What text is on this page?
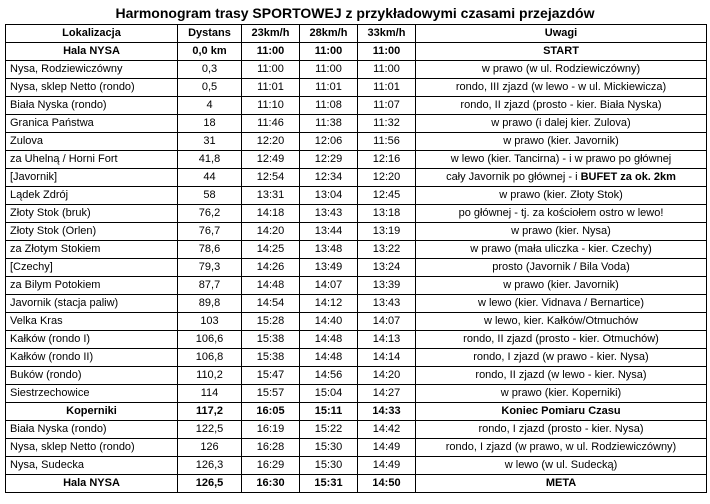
Harmonogram trasy SPORTOWEJ z przykładowymi czasami przejazdów
Lokalizacja	Dystans	23km/h	28km/h	33km/h	Uwagi
Hala NYSA	0,0 km	11:00	11:00	11:00	START
Nysa, Rodziewiczówny	0,3	11:00	11:00	11:00	w prawo (w ul. Rodziewiczówny)
Nysa, sklep Netto (rondo)	0,5	11:01	11:01	11:01	rondo, III zjazd (w lewo - w ul. Mickiewicza)
Biała Nyska (rondo)	4	11:10	11:08	11:07	rondo, II zjazd (prosto - kier. Biała Nyska)
Granica Państwa	18	11:46	11:38	11:32	w prawo (i dalej kier. Zulova)
Zulova	31	12:20	12:06	11:56	w prawo (kier. Javornik)
za Uhelną / Horni Fort	41,8	12:49	12:29	12:16	w lewo (kier. Tancirna) - i w prawo po głównej
[Javornik]	44	12:54	12:34	12:20	cały Javornik po głównej - i BUFET za ok. 2km
Lądek Zdrój	58	13:31	13:04	12:45	w prawo (kier. Złoty Stok)
Złoty Stok (bruk)	76,2	14:18	13:43	13:18	po głównej - tj. za kościołem ostro w lewo!
Złoty Stok (Orlen)	76,7	14:20	13:44	13:19	w prawo (kier. Nysa)
za Złotym Stokiem	78,6	14:25	13:48	13:22	w prawo (mała uliczka - kier. Czechy)
[Czechy]	79,3	14:26	13:49	13:24	prosto (Javornik / Bila Voda)
za Bilym Potokiem	87,7	14:48	14:07	13:39	w prawo (kier. Javornik)
Javornik (stacja paliw)	89,8	14:54	14:12	13:43	w lewo (kier. Vidnava / Bernartice)
Velka Kras	103	15:28	14:40	14:07	w lewo, kier. Kałków/Otmuchów
Kałków (rondo I)	106,6	15:38	14:48	14:13	rondo, II zjazd (prosto - kier. Otmuchów)
Kałków (rondo II)	106,8	15:38	14:48	14:14	rondo, I zjazd (w prawo - kier. Nysa)
Buków (rondo)	110,2	15:47	14:56	14:20	rondo, II zjazd (w lewo - kier. Nysa)
Siestrzechowice	114	15:57	15:04	14:27	w prawo (kier. Koperniki)
Koperniki	117,2	16:05	15:11	14:33	Koniec Pomiaru Czasu
Biała Nyska (rondo)	122,5	16:19	15:22	14:42	rondo, I zjazd (prosto - kier. Nysa)
Nysa, sklep Netto (rondo)	126	16:28	15:30	14:49	rondo, I zjazd (w prawo, w ul. Rodziewiczówny)
Nysa, Sudecka	126,3	16:29	15:30	14:49	w lewo (w ul. Sudecką)
Hala NYSA	126,5	16:30	15:31	14:50	META
